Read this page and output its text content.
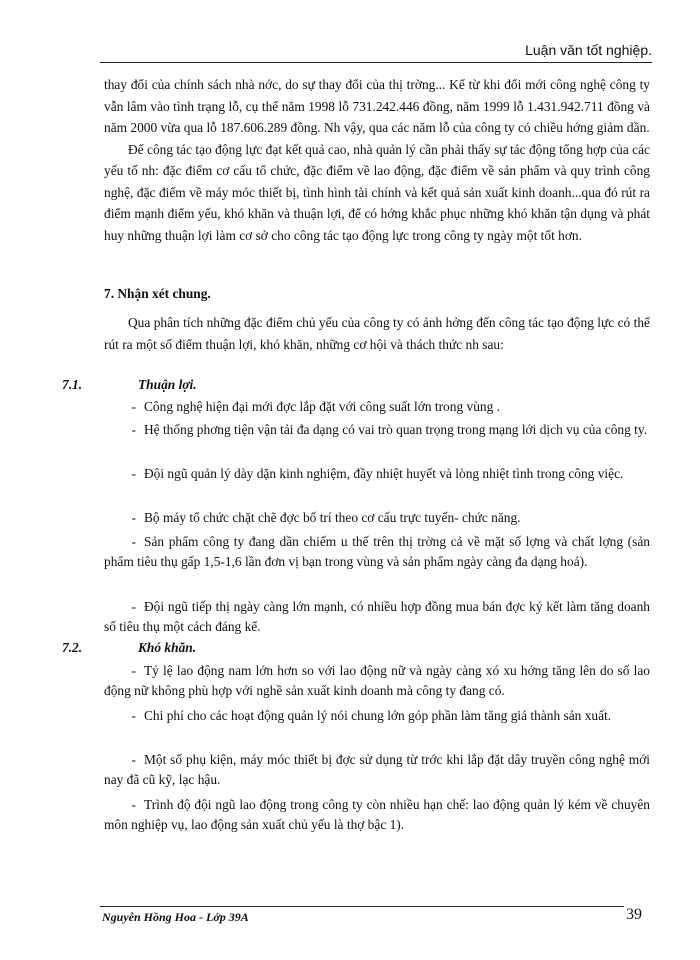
Luận văn tốt nghiệp.

thay đổi của chính sách nhà nớc, do sự thay đổi của thị trờng... Kể từ khi đổi mới công nghệ công ty vẫn lâm vào tình trạng lỗ, cụ thể năm 1998 lỗ 731.242.446 đồng, năm 1999 lỗ 1.431.942.711 đồng và năm 2000 vừa qua lỗ 187.606.289 đồng. Nh vậy, qua các năm lỗ của công ty có chiều hớng giảm dần.

Để công tác tạo động lực đạt kết quả cao, nhà quản lý cần phải thấy sự tác động tổng hợp của các yếu tố nh: đặc điểm cơ cấu tổ chức, đặc điểm về lao động, đặc điểm về sản phẩm và quy trình công nghệ, đặc điểm về máy móc thiết bị, tình hình tài chính và kết quả sản xuất kinh doanh...qua đó rút ra điểm mạnh điểm yếu, khó khăn và thuận lợi, để có hớng khắc phục những khó khăn tận dụng và phát huy những thuận lợi làm cơ sở cho công tác tạo động lực trong công ty ngày một tốt hơn.

7. Nhận xét chung.

Qua phân tích những đặc điểm chủ yếu của công ty có ảnh hởng đến công tác tạo động lực có thể rút ra một số điểm thuận lợi, khó khăn, những cơ hội và thách thức nh sau:

7.1.	Thuận lợi.
- Công nghệ hiện đại mới đợc lắp đặt với công suất lớn trong vùng .
- Hệ thống phơng tiện vận tải đa dạng có vai trò quan trọng trong mạng lới dịch vụ của công ty.
- Đội ngũ quản lý dày dặn kinh nghiệm, đầy nhiệt huyết và lòng nhiệt tình trong công việc.
- Bộ máy tổ chức chặt chẽ đợc bố trí theo cơ cấu trực tuyến- chức năng.
- Sản phẩm công ty đang dần chiếm u thế trên thị trờng cả về mặt số lợng và chất lợng (sản phẩm tiêu thụ gấp 1,5-1,6 lần đơn vị bạn trong vùng và sản phẩm ngày càng đa dạng hoá).
- Đội ngũ tiếp thị ngày càng lớn mạnh, có nhiều hợp đồng mua bán đợc ký kết làm tăng doanh số tiêu thụ một cách đáng kể.
7.2.	Khó khăn.
- Tỷ lệ lao động nam lớn hơn so với lao động nữ và ngày càng xó xu hớng tăng lên do số lao động nữ không phù hợp với nghề sản xuất kinh doanh mà công ty đang có.
- Chi phí cho các hoạt động quản lý nói chung lớn góp phần làm tăng giá thành sản xuất.
- Một số phụ kiện, máy móc thiết bị đợc sử dụng từ trớc khi lắp đặt dây truyền công nghệ mới nay đã cũ kỹ, lạc hậu.
- Trình độ đội ngũ lao động trong công ty còn nhiều hạn chế: lao động quản lý kém về chuyên môn nghiệp vụ, lao động sản xuất chủ yếu là thợ bậc 1).
Nguyễn Hồng Hoa - Lớp 39A	39
